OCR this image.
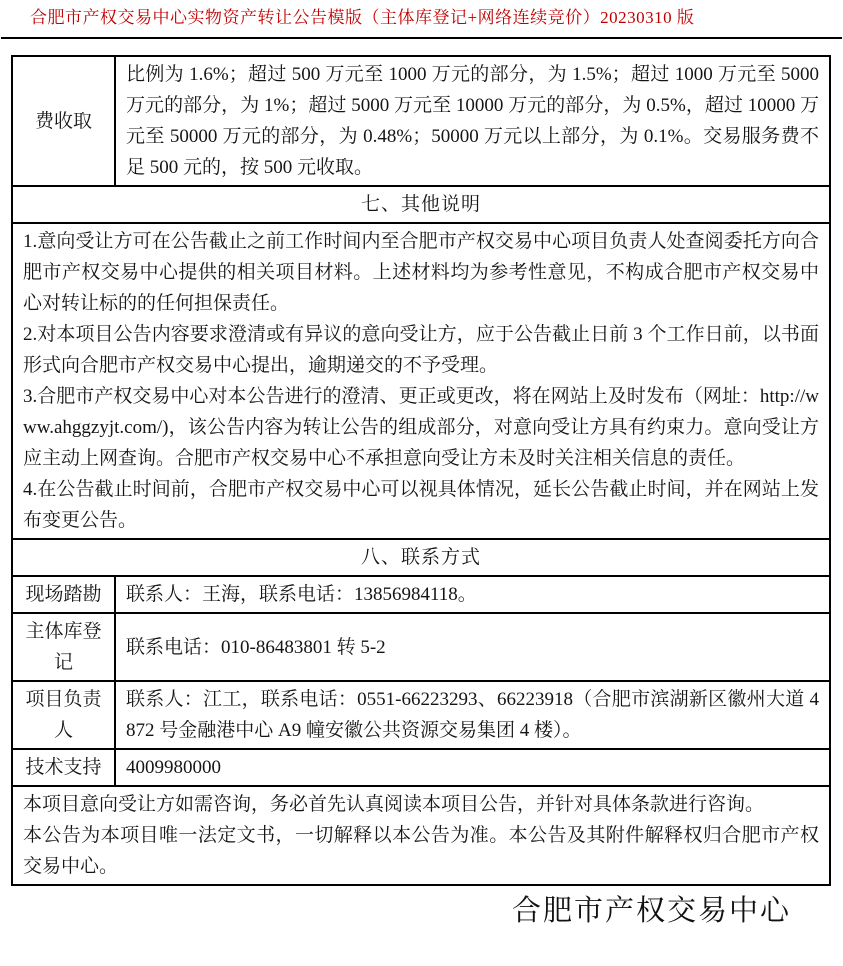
合肥市产权交易中心实物资产转让公告模版（主体库登记+网络连续竞价）20230310 版
费收取	比例为 1.6%；超过 500 万元至 1000 万元的部分，为 1.5%；超过 1000 万元至 5000 万元的部分，为 1%；超过 5000 万元至 10000 万元的部分，为 0.5%，超过 10000 万元至 50000 万元的部分，为 0.48%；50000 万元以上部分，为 0.1%。交易服务费不足 500 元的，按 500 元收取。
七、其他说明	

1.意向受让方可在公告截止之前工作时间内至合肥市产权交易中心项目负责人处查阅委托方向合肥市产权交易中心提供的相关项目材料。上述材料均为参考性意见，不构成合肥市产权交易中心对转让标的的任何担保责任。
2.对本项目公告内容要求澄清或有异议的意向受让方，应于公告截止日前 3 个工作日前，以书面形式向合肥市产权交易中心提出，逾期递交的不予受理。
3.合肥市产权交易中心对本公告进行的澄清、更正或更改，将在网站上及时发布（网址：http://www.ahggzyjt.com/)，该公告内容为转让公告的组成部分，对意向受让方具有约束力。意向受让方应主动上网查询。合肥市产权交易中心不承担意向受让方未及时关注相关信息的责任。
4.在公告截止时间前，合肥市产权交易中心可以视具体情况，延长公告截止时间，并在网站上发布变更公告。	

八、联系方式	
现场踏勘	联系人：王海，联系电话：13856984118。
主体库登记	联系电话：010-86483801 转 5-2
项目负责人	联系人：江工，联系电话：0551-66223293、66223918（合肥市滨湖新区徽州大道 4872 号金融港中心 A9 幢安徽公共资源交易集团 4 楼）。
技术支持	4009980000

本项目意向受让方如需咨询，务必首先认真阅读本项目公告，并针对具体条款进行咨询。
本公告为本项目唯一法定文书，一切解释以本公告为准。本公告及其附件解释权归合肥市产权交易中心。	
合肥市产权交易中心
